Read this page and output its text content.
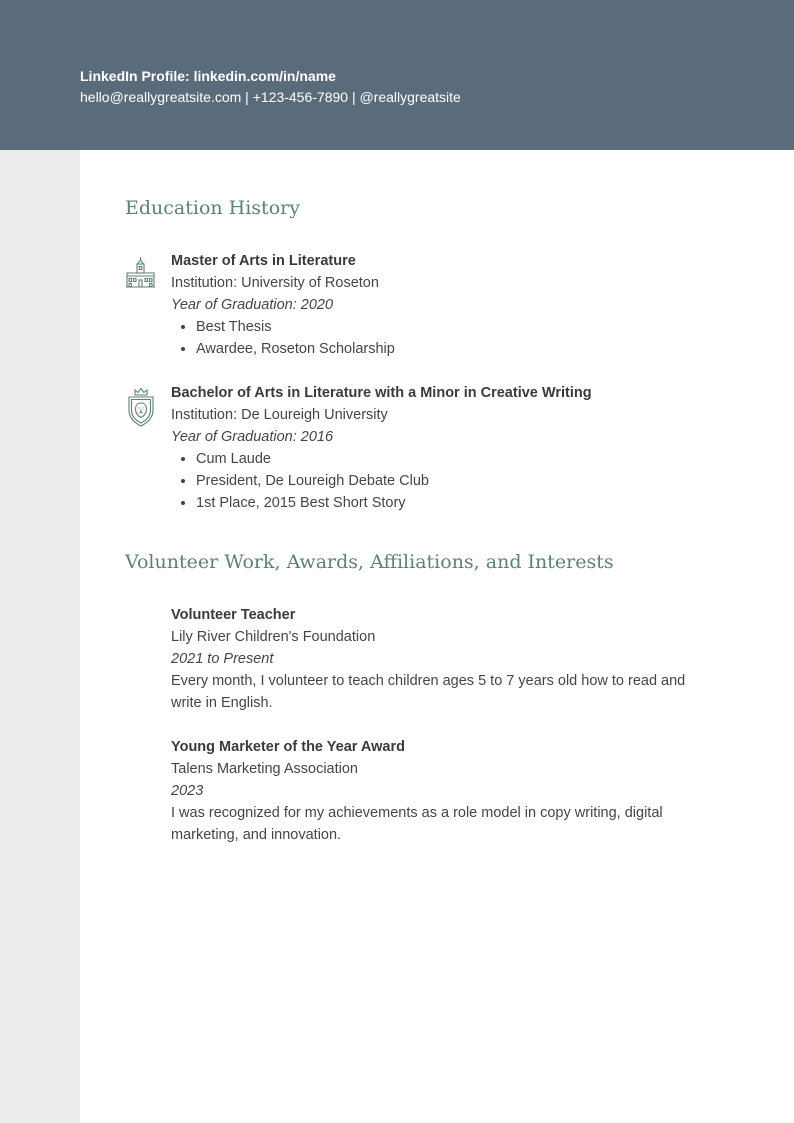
LinkedIn Profile: linkedin.com/in/name
hello@reallygreatsite.com | +123-456-7890 | @reallygreatsite
Education History
Master of Arts in Literature
Institution: University of Roseton
Year of Graduation: 2020
• Best Thesis
• Awardee, Roseton Scholarship
Bachelor of Arts in Literature with a Minor in Creative Writing
Institution: De Loureigh University
Year of Graduation: 2016
• Cum Laude
• President, De Loureigh Debate Club
• 1st Place, 2015 Best Short Story
Volunteer Work, Awards, Affiliations, and Interests
Volunteer Teacher
Lily River Children's Foundation
2021 to Present
Every month, I volunteer to teach children ages 5 to 7 years old how to read and write in English.
Young Marketer of the Year Award
Talens Marketing Association
2023
I was recognized for my achievements as a role model in copy writing, digital marketing, and innovation.
